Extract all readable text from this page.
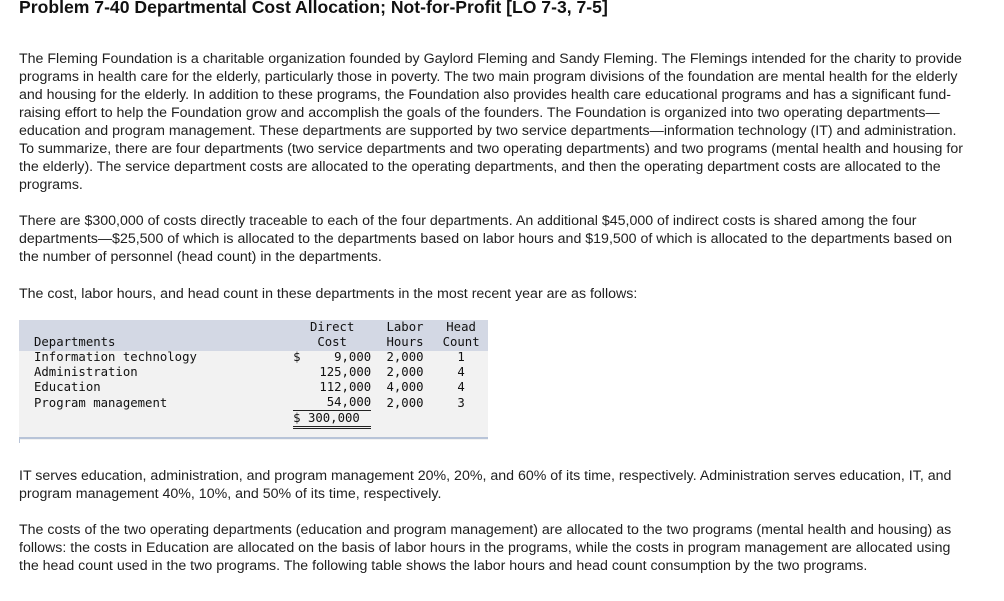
Problem 7-40 Departmental Cost Allocation; Not-for-Profit [LO 7-3, 7-5]

The Fleming Foundation is a charitable organization founded by Gaylord Fleming and Sandy Fleming. The Flemings intended for the charity to provide programs in health care for the elderly, particularly those in poverty. The two main program divisions of the foundation are mental health for the elderly and housing for the elderly. In addition to these programs, the Foundation also provides health care educational programs and has a significant fund-raising effort to help the Foundation grow and accomplish the goals of the founders. The Foundation is organized into two operating departments—education and program management. These departments are supported by two service departments—information technology (IT) and administration. To summarize, there are four departments (two service departments and two operating departments) and two programs (mental health and housing for the elderly). The service department costs are allocated to the operating departments, and then the operating department costs are allocated to the programs.

There are $300,000 of costs directly traceable to each of the four departments. An additional $45,000 of indirect costs is shared among the four departments—$25,500 of which is allocated to the departments based on labor hours and $19,500 of which is allocated to the departments based on the number of personnel (head count) in the departments.

The cost, labor hours, and head count in these departments in the most recent year are as follows:

	Direct	Labor	Head
Departments	Cost	Hours	Count
Information technology	$ 9,000	2,000	1
Administration	125,000	2,000	4
Education	112,000	4,000	4
Program management	54,000	2,000	3

	$ 300,000		

IT serves education, administration, and program management 20%, 20%, and 60% of its time, respectively. Administration serves education, IT, and program management 40%, 10%, and 50% of its time, respectively.

The costs of the two operating departments (education and program management) are allocated to the two programs (mental health and housing) as follows: the costs in Education are allocated on the basis of labor hours in the programs, while the costs in program management are allocated using the head count used in the two programs. The following table shows the labor hours and head count consumption by the two programs.
